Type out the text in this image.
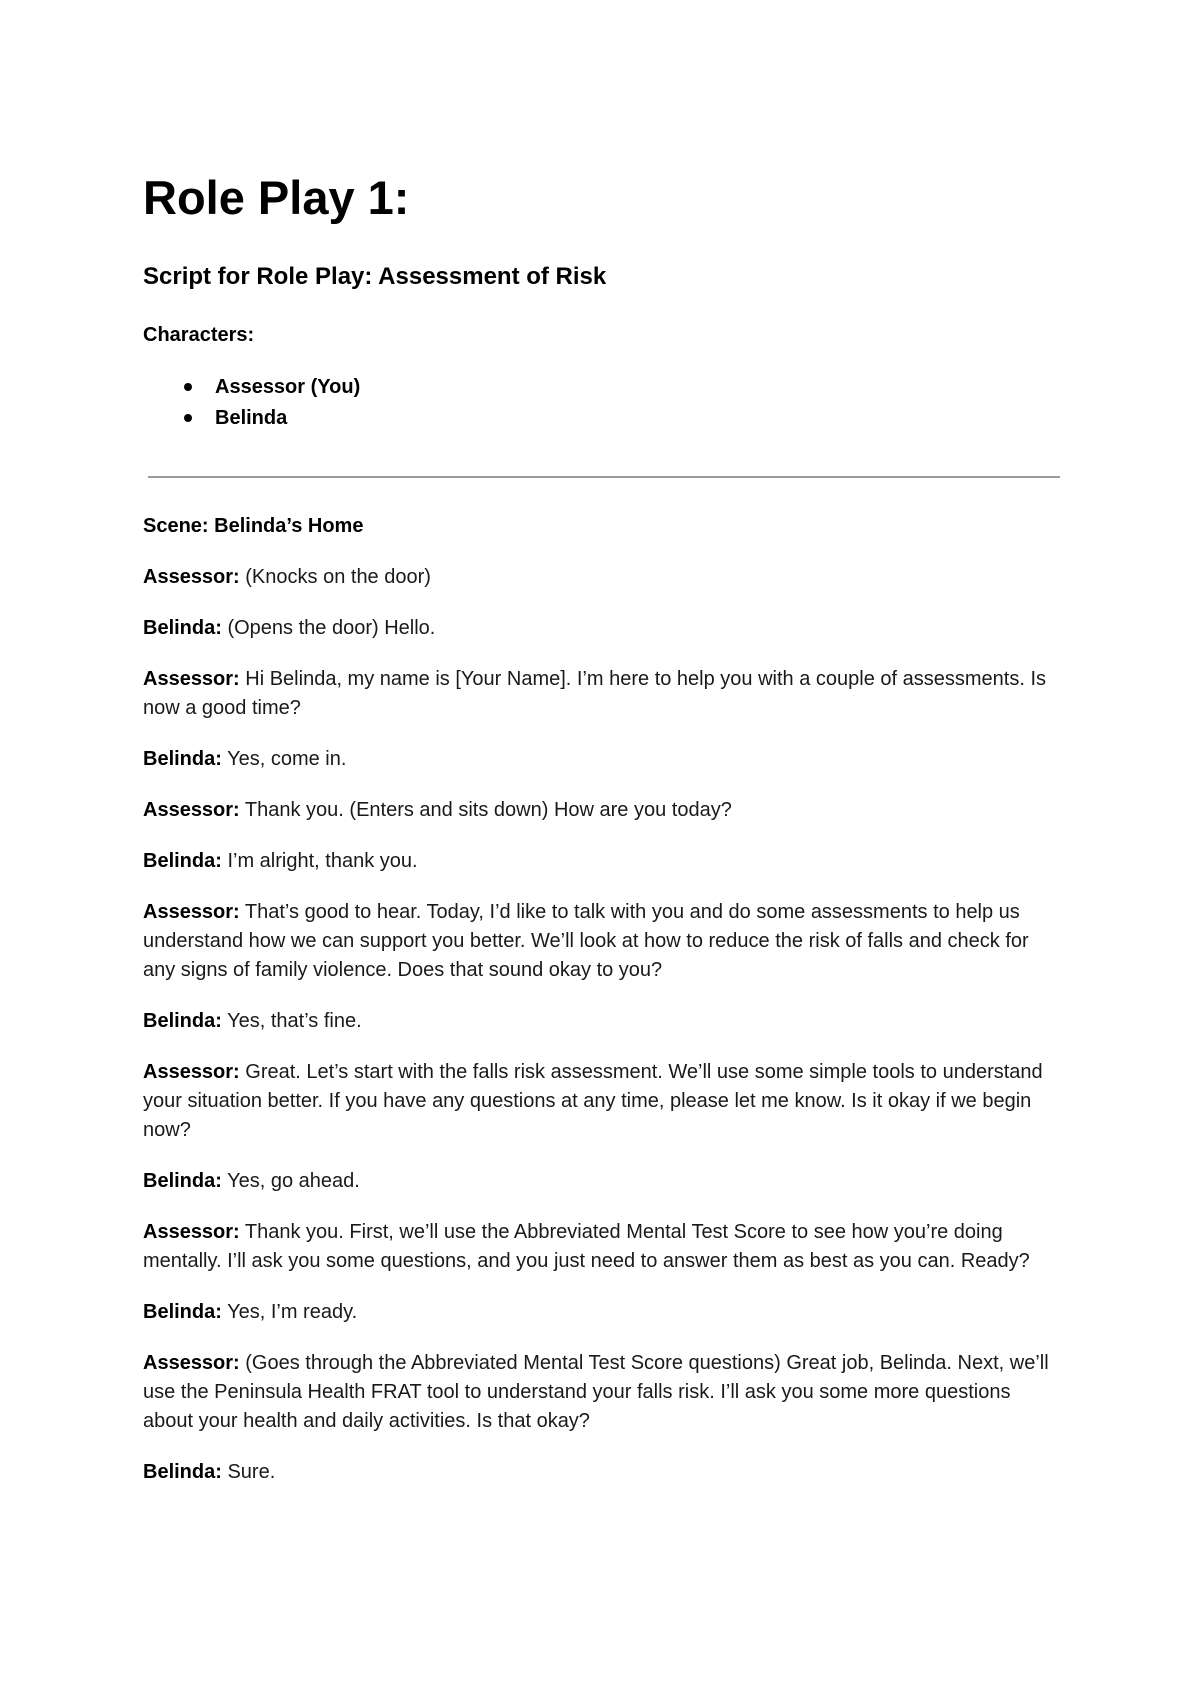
Role Play 1:
Script for Role Play: Assessment of Risk

Characters:

Assessor (You)
Belinda

Scene: Belinda’s Home

Assessor: (Knocks on the door)

Belinda: (Opens the door) Hello.

Assessor: Hi Belinda, my name is [Your Name]. I’m here to help you with a couple of assessments. Is now a good time?

Belinda: Yes, come in.

Assessor: Thank you. (Enters and sits down) How are you today?

Belinda: I’m alright, thank you.

Assessor: That’s good to hear. Today, I’d like to talk with you and do some assessments to help us understand how we can support you better. We’ll look at how to reduce the risk of falls and check for any signs of family violence. Does that sound okay to you?

Belinda: Yes, that’s fine.

Assessor: Great. Let’s start with the falls risk assessment. We’ll use some simple tools to understand your situation better. If you have any questions at any time, please let me know. Is it okay if we begin now?

Belinda: Yes, go ahead.

Assessor: Thank you. First, we’ll use the Abbreviated Mental Test Score to see how you’re doing mentally. I’ll ask you some questions, and you just need to answer them as best as you can. Ready?

Belinda: Yes, I’m ready.

Assessor: (Goes through the Abbreviated Mental Test Score questions) Great job, Belinda. Next, we’ll use the Peninsula Health FRAT tool to understand your falls risk. I’ll ask you some more questions about your health and daily activities. Is that okay?

Belinda: Sure.
